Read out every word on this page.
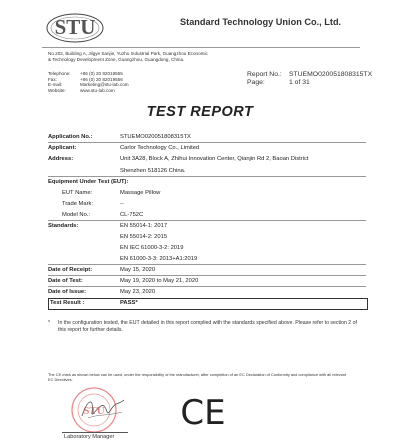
STU	Standard Technology Union Co., Ltd.
No.202, Building A, Jilgye Sanjie, Yuzhu Industrial Park, Guangzhou Economic
& Technology Development Zone, Guangzhou, Guangdong, China.
Telephone:	+86 (0) 20 82019555
Fax:	+86 (0) 20 82019556
E-mail:	Marketing@stu-lab.com
Website:	www.stu-lab.com
Report No.:	STUEMO020051808315TX
Page:	1 of 31
TEST REPORT
Application No.:	STUEMO020051808315TX
Applicant:	Carlor Technology Co., Limited
Address:	Unit 3A28, Block A, Zhihui Innovation Center, Qianjin Rd 2, Baoan District
Shenzhen 518126 China.
Equipment Under Test (EUT):
EUT Name:	Massage Pillow
Trade Mark:	--
Model No.:	CL-752C
Standards:	EN 55014-1: 2017
EN 55014-2: 2015
EN IEC 61000-3-2: 2019
EN 61000-3-3: 2013+A1:2019
Date of Receipt:	May 15, 2020
Date of Test:	May 19, 2020 to May 21, 2020
Date of Issue:	May 23, 2020
Test Result :	PASS*
* In the configuration tested, the EUT detailed in this report complied with the standards specified above. Please refer to section 2 of this report for further details.
The CE mark as shown below can be used, under the responsibility of the manufacturer, after completion of an EC Declaration of Conformity and compliance with all relevant EC Directives.
STU CE
Laboratory Manager
